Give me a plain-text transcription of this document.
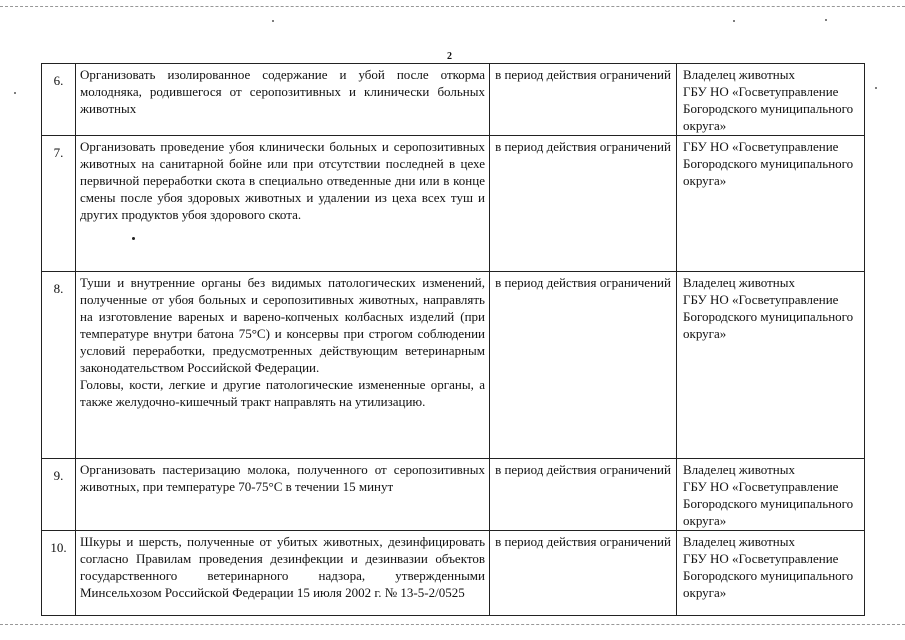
2
6.	Организовать изолированное содержание и убой после откорма молодняка, родившегося от серопозитивных и клинически больных животных	в период действия ограничений	Владелец животных
ГБУ НО «Госветуправление Богородского муниципального округа»

7.	Организовать проведение убоя клинически больных и серопозитивных животных на санитарной бойне или при отсутствии последней в цехе первичной переработки скота в специально отведенные дни или в конце смены после убоя здоровых животных и удалении из цеха всех туш и других продуктов убоя здорового скота.	в период действия ограничений	ГБУ НО «Госветуправление Богородского муниципального округа»

8.	Туши и внутренние органы без видимых патологических изменений, полученные от убоя больных и серопозитивных животных, направлять на изготовление вареных и варено-копченых колбасных изделий (при температуре внутри батона 75°С) и консервы при строгом соблюдении условий переработки, предусмотренных действующим ветеринарным законодательством Российской Федерации.
Головы, кости, легкие и другие патологические измененные органы, а также желудочно-кишечный тракт направлять на утилизацию.	в период действия ограничений	Владелец животных
ГБУ НО «Госветуправление Богородского муниципального округа»

9.	Организовать пастеризацию молока, полученного от серопозитивных животных, при температуре 70-75°С в течении 15 минут	в период действия ограничений	Владелец животных
ГБУ НО «Госветуправление Богородского муниципального округа»

10.	Шкуры и шерсть, полученные от убитых животных, дезинфицировать согласно Правилам проведения дезинфекции и дезинвазии объектов государственного ветеринарного надзора, утвержденными Минсельхозом Российской Федерации 15 июля 2002 г. № 13-5-2/0525	в период действия ограничений	Владелец животных
ГБУ НО «Госветуправление Богородского муниципального округа»
